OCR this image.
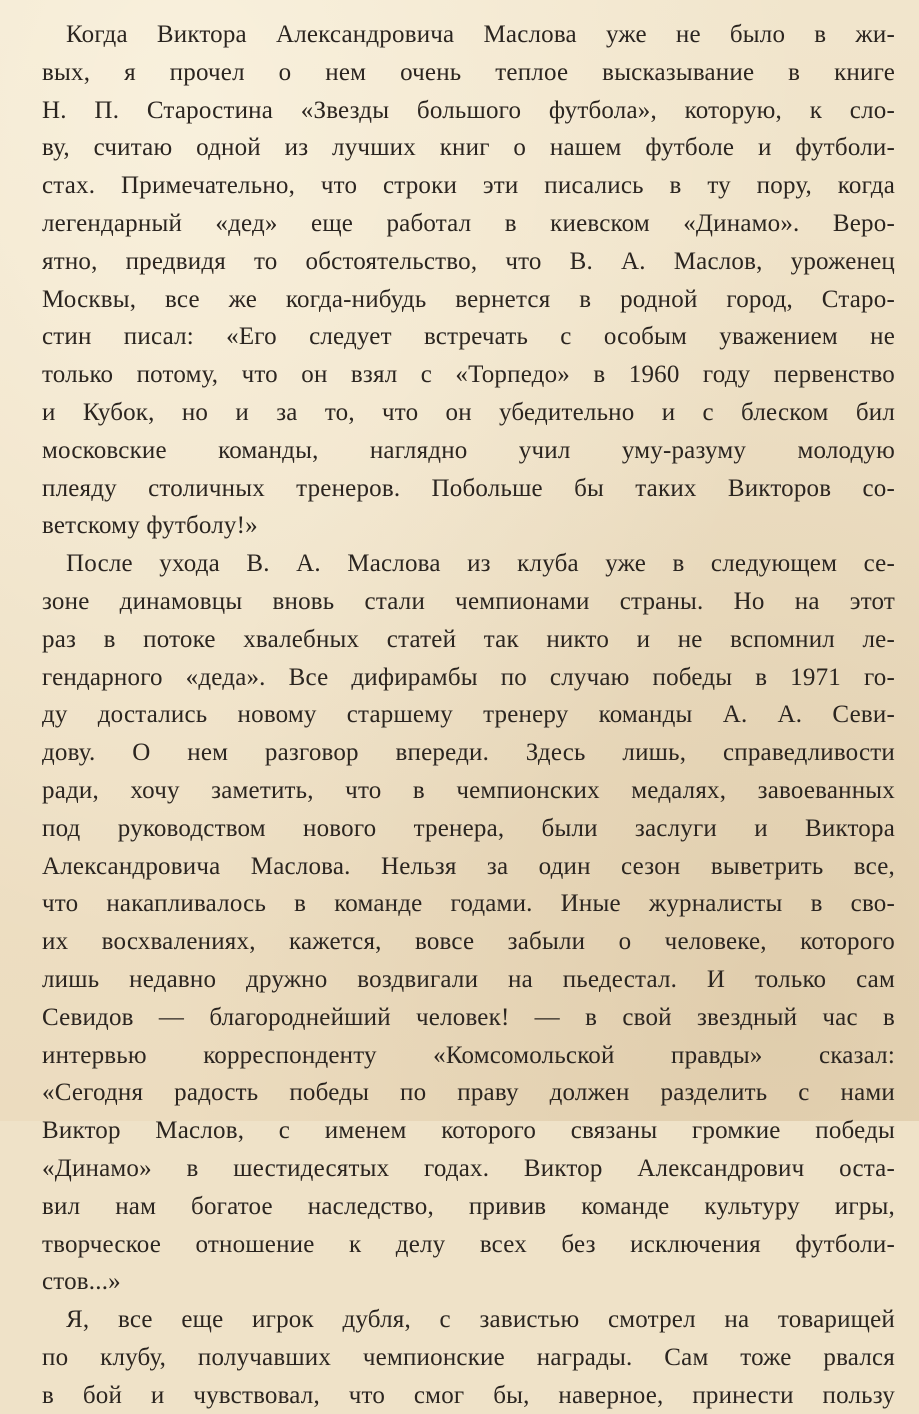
Когда Виктора Александровича Маслова уже не было в жи-
вых, я прочел о нем очень теплое высказывание в книге
Н. П. Старостина «Звезды большого футбола», которую, к сло-
ву, считаю одной из лучших книг о нашем футболе и футболи-
стах. Примечательно, что строки эти писались в ту пору, когда
легендарный «дед» еще работал в киевском «Динамо». Веро-
ятно, предвидя то обстоятельство, что В. А. Маслов, уроженец
Москвы, все же когда-нибудь вернется в родной город, Старо-
стин писал: «Его следует встречать с особым уважением не
только потому, что он взял с «Торпедо» в 1960 году первенство
и Кубок, но и за то, что он убедительно и с блеском бил
московские команды, наглядно учил уму-разуму молодую
плеяду столичных тренеров. Побольше бы таких Викторов со-
ветскому футболу!»
После ухода В. А. Маслова из клуба уже в следующем се-
зоне динамовцы вновь стали чемпионами страны. Но на этот
раз в потоке хвалебных статей так никто и не вспомнил ле-
гендарного «деда». Все дифирамбы по случаю победы в 1971 го-
ду достались новому старшему тренеру команды А. А. Севи-
дову. О нем разговор впереди. Здесь лишь, справедливости
ради, хочу заметить, что в чемпионских медалях, завоеванных
под руководством нового тренера, были заслуги и Виктора
Александровича Маслова. Нельзя за один сезон выветрить все,
что накапливалось в команде годами. Иные журналисты в сво-
их восхвалениях, кажется, вовсе забыли о человеке, которого
лишь недавно дружно воздвигали на пьедестал. И только сам
Севидов — благороднейший человек! — в свой звездный час в
интервью корреспонденту «Комсомольской правды» сказал:
«Сегодня радость победы по праву должен разделить с нами
Виктор Маслов, с именем которого связаны громкие победы
«Динамо» в шестидесятых годах. Виктор Александрович оста-
вил нам богатое наследство, привив команде культуру игры,
творческое отношение к делу всех без исключения футболи-
стов...»
Я, все еще игрок дубля, с завистью смотрел на товарищей
по клубу, получавших чемпионские награды. Сам тоже рвался
в бой и чувствовал, что смог бы, наверное, принести пользу
